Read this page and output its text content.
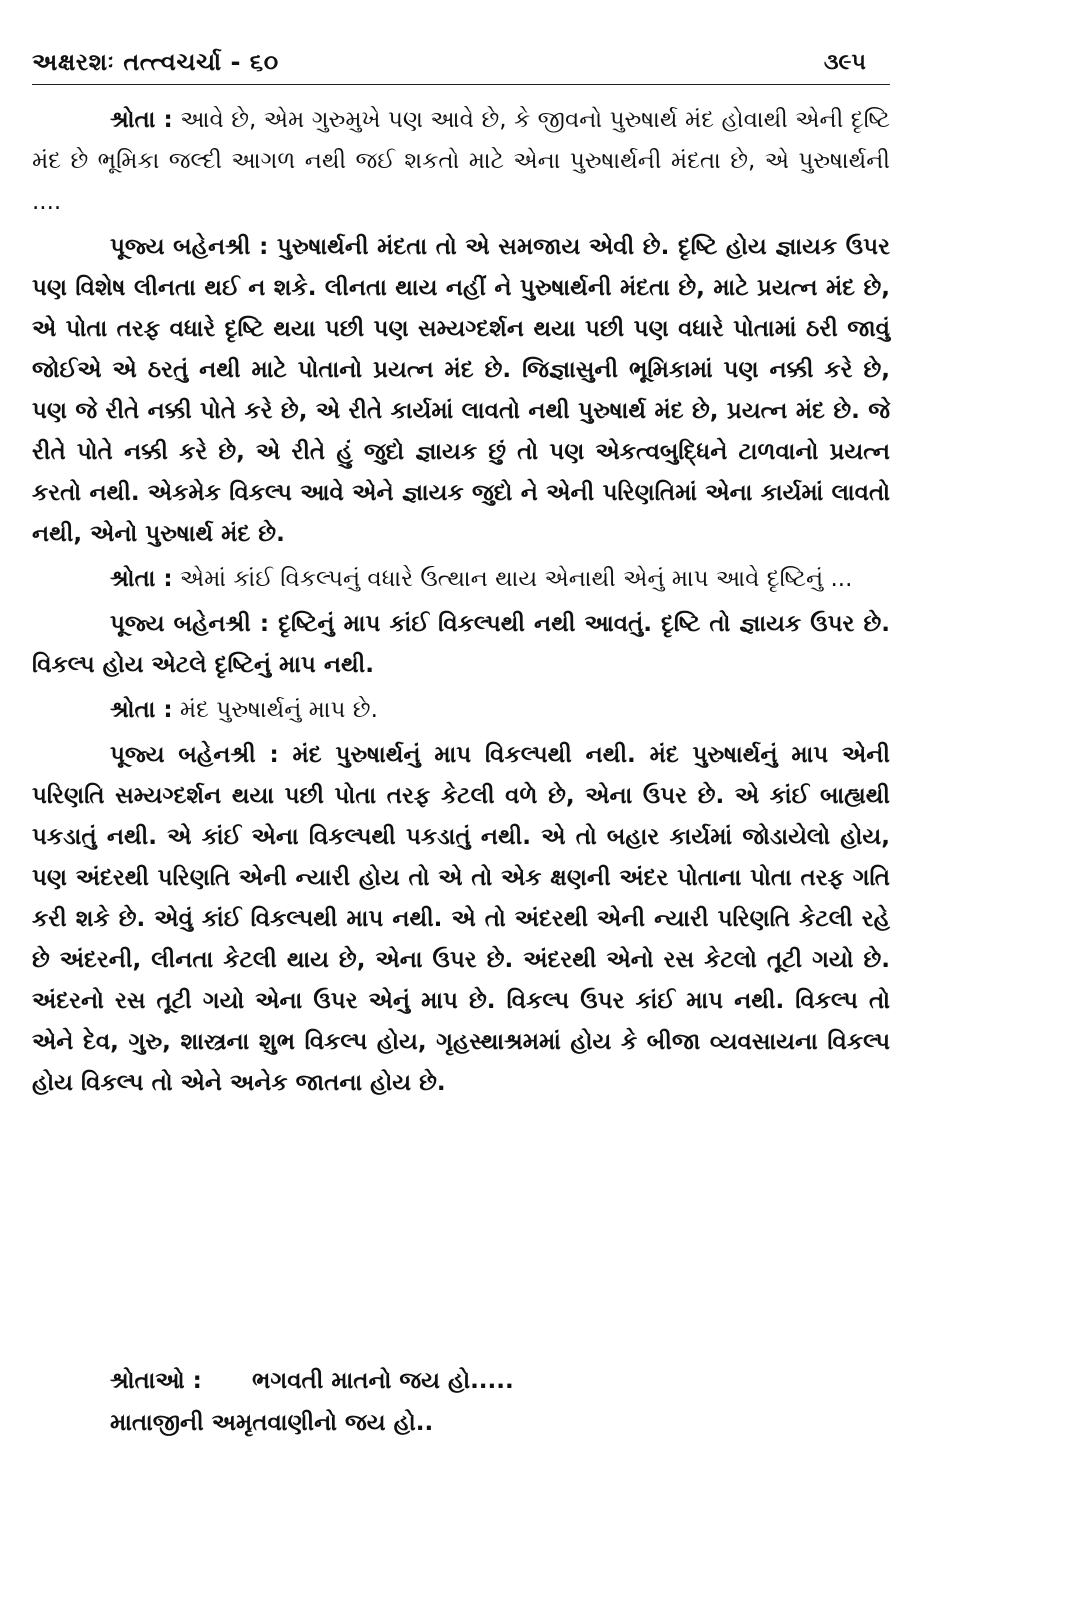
અક્ષરશઃ તત્ત્વચર્ચા - ૬૦	૩૯૫

શ્રોતા : આવે છે, એમ ગુરુમુખે પણ આવે છે, કે જીવનો પુરુષાર્થ મંદ હોવાથી એની દૃષ્ટિ મંદ છે ભૂમિકા જલ્દી આગળ નથી જઈ શકતો માટે એના પુરુષાર્થની મંદતા છે, એ પુરુષાર્થની ....

પૂજ્ય બહેનશ્રી : પુરુષાર્થની મંદતા તો એ સમજાય એવી છે. દૃષ્ટિ હોય જ્ઞાયક ઉપર પણ વિશેષ લીનતા થઈ ન શકે. લીનતા થાય નહીં ને પુરુષાર્થની મંદતા છે, માટે પ્રયત્ન મંદ છે, એ પોતા તરફ વધારે દૃષ્ટિ થયા પછી પણ સમ્યગ્દર્શન થયા પછી પણ વધારે પોતામાં ઠરી જાવું જોઈએ એ ઠરતું નથી માટે પોતાનો પ્રયત્ન મંદ છે. જિજ્ઞાસુની ભૂમિકામાં પણ નક્કી કરે છે, પણ જે રીતે નક્કી પોતે કરે છે, એ રીતે કાર્યમાં લાવતો નથી પુરુષાર્થ મંદ છે, પ્રયત્ન મંદ છે. જે રીતે પોતે નક્કી કરે છે, એ રીતે હું જુદો જ્ઞાયક છું તો પણ એકત્વબુદ્ધિને ટાળવાનો પ્રયત્ન કરતો નથી. એકમેક વિકલ્પ આવે એને જ્ઞાયક જુદો ને એની પરિણતિમાં એના કાર્યમાં લાવતો નથી, એનો પુરુષાર્થ મંદ છે.

શ્રોતા : એમાં કાંઈ વિકલ્પનું વધારે ઉત્થાન થાય એનાથી એનું માપ આવે દૃષ્ટિનું ...

પૂજ્ય બહેનશ્રી : દૃષ્ટિનું માપ કાંઈ વિકલ્પથી નથી આવતું. દૃષ્ટિ તો જ્ઞાયક ઉપર છે. વિકલ્પ હોય એટલે દૃષ્ટિનું માપ નથી.

શ્રોતા : મંદ પુરુષાર્થનું માપ છે.

પૂજ્ય બહેનશ્રી : મંદ પુરુષાર્થનું માપ વિકલ્પથી નથી. મંદ પુરુષાર્થનું માપ એની પરિણતિ સમ્યગ્દર્શન થયા પછી પોતા તરફ કેટલી વળે છે, એના ઉપર છે. એ કાંઈ બાહ્યથી પકડાતું નથી. એ કાંઈ એના વિકલ્પથી પકડાતું નથી. એ તો બહાર કાર્યમાં જોડાયેલો હોય, પણ અંદરથી પરિણતિ એની ન્યારી હોય તો એ તો એક ક્ષણની અંદર પોતાના પોતા તરફ ગતિ કરી શકે છે. એવું કાંઈ વિકલ્પથી માપ નથી. એ તો અંદરથી એની ન્યારી પરિણતિ કેટલી રહે છે અંદરની, લીનતા કેટલી થાય છે, એના ઉપર છે. અંદરથી એનો રસ કેટલો તૂટી ગયો છે. અંદરનો રસ તૂટી ગયો એના ઉપર એનું માપ છે. વિકલ્પ ઉપર કાંઈ માપ નથી. વિકલ્પ તો એને દેવ, ગુરુ, શાસ્ત્રના શુભ વિકલ્પ હોય, ગૃહસ્થાશ્રમમાં હોય કે બીજા વ્યવસાયના વિકલ્પ હોય વિકલ્પ તો એને અનેક જાતના હોય છે.

શ્રોતાઓ : ભગવતી માતનો જય હો.....
માતાજીની અમૃતવાણીનો જય હો..
